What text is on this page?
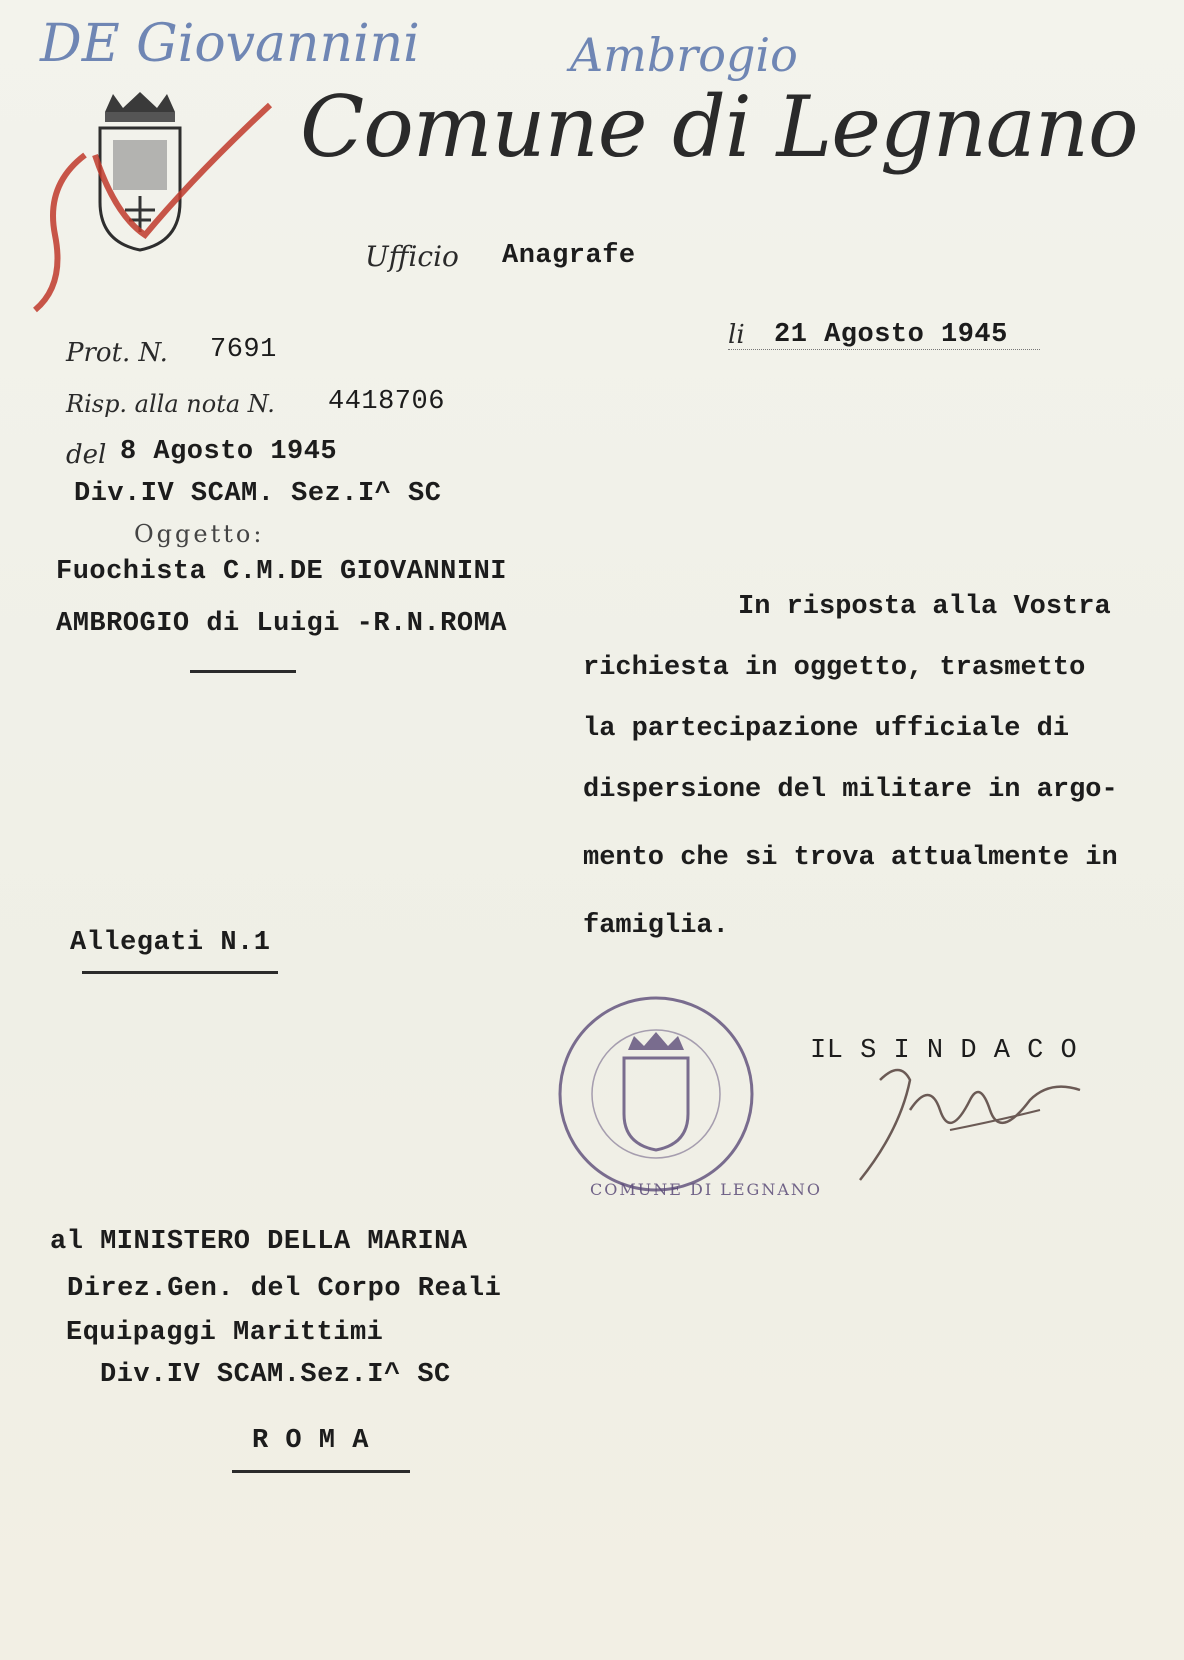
DE Giovannini	Ambrogio
Comune di Legnano
Ufficio Anagrafe
li 21 Agosto 1945
Prot. N. 7691
Risp. alla nota N. 4418706
del 8 Agosto 1945
Div.IV SCAM. Sez.I^ SC
Oggetto:
Fuochista C.M.DE GIOVANNINI
AMBROGIO di Luigi -R.N.ROMA
In risposta alla Vostra
richiesta in oggetto, trasmetto
la partecipazione ufficiale di
dispersione del militare in argo-
mento che si trova attualmente in
famiglia.
Allegati N.1
COMUNE DI LEGNANO
IL S I N D A C O
al MINISTERO DELLA MARINA
Direz.Gen. del Corpo Reali
Equipaggi Marittimi
Div.IV SCAM.Sez.I^ SC
R O M A
